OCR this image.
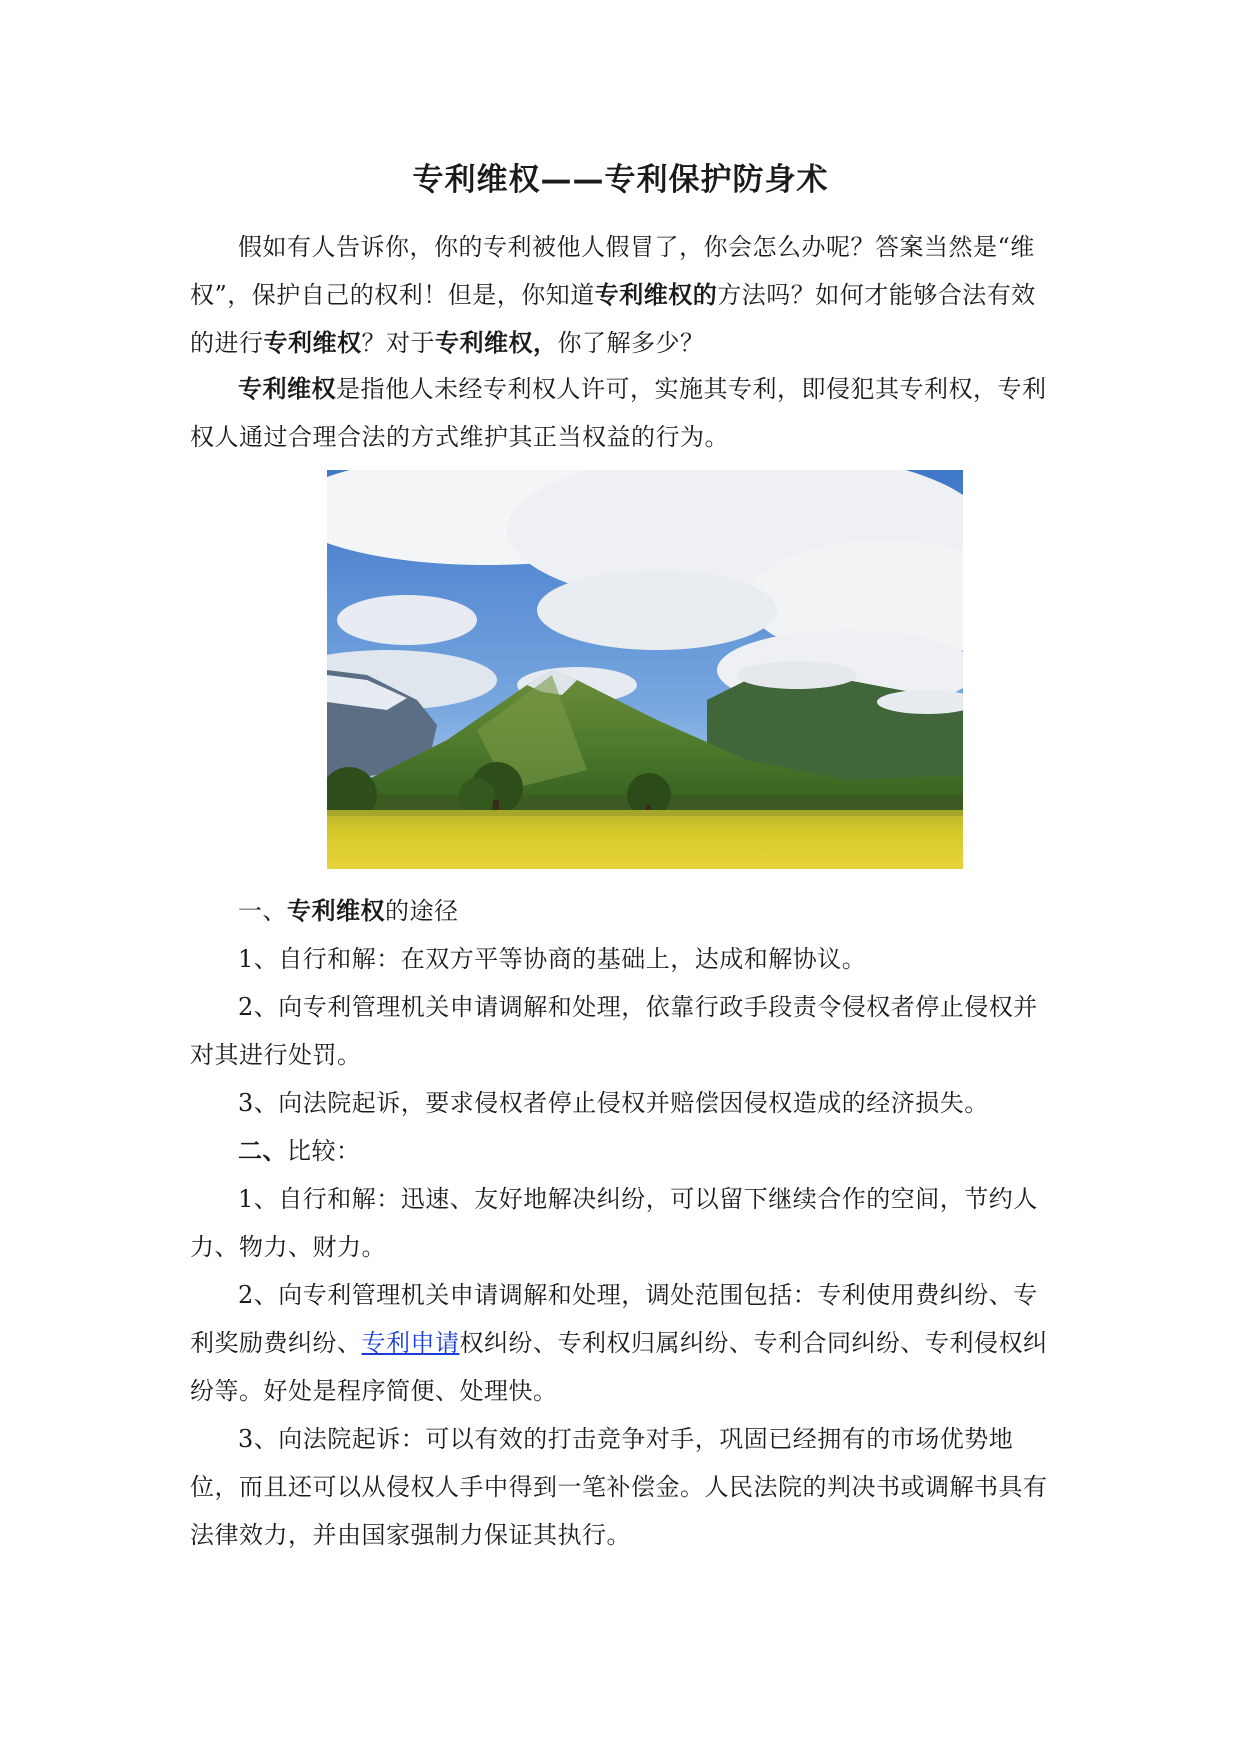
专利维权——专利保护防身术

假如有人告诉你，你的专利被他人假冒了，你会怎么办呢？答案当然是“维权”，保护自己的权利！但是，你知道专利维权的方法吗？如何才能够合法有效的进行专利维权？对于专利维权，你了解多少？

专利维权是指他人未经专利权人许可，实施其专利，即侵犯其专利权，专利权人通过合理合法的方式维护其正当权益的行为。

一、专利维权的途径

1、自行和解：在双方平等协商的基础上，达成和解协议。

2、向专利管理机关申请调解和处理，依靠行政手段责令侵权者停止侵权并对其进行处罚。

3、向法院起诉，要求侵权者停止侵权并赔偿因侵权造成的经济损失。

二、比较：

1、自行和解：迅速、友好地解决纠纷，可以留下继续合作的空间，节约人力、物力、财力。

2、向专利管理机关申请调解和处理，调处范围包括：专利使用费纠纷、专利奖励费纠纷、专利申请权纠纷、专利权归属纠纷、专利合同纠纷、专利侵权纠纷等。好处是程序简便、处理快。

3、向法院起诉：可以有效的打击竞争对手，巩固已经拥有的市场优势地位，而且还可以从侵权人手中得到一笔补偿金。人民法院的判决书或调解书具有法律效力，并由国家强制力保证其执行。
